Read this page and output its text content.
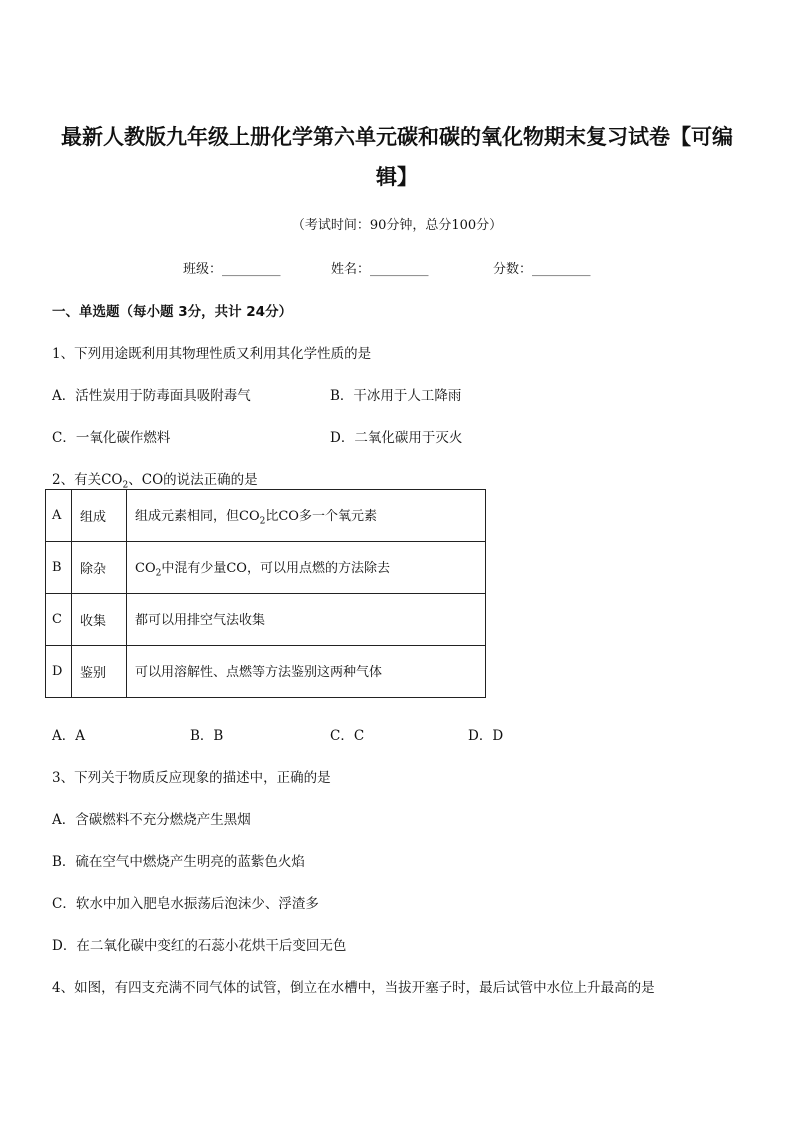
最新人教版九年级上册化学第六单元碳和碳的氧化物期末复习试卷【可编辑】
（考试时间：90分钟，总分100分）
班级：_________	姓名：_________	分数：_________
一、单选题（每小题 3分，共计 24分）
1、下列用途既利用其物理性质又利用其化学性质的是
A．活性炭用于防毒面具吸附毒气	B．干冰用于人工降雨
C．一氧化碳作燃料	D．二氧化碳用于灭火
2、有关$CO_2$、CO的说法正确的是
A	组成	组成元素相同，但$CO_2$比CO多一个氧元素
B	除杂	$CO_2$中混有少量CO，可以用点燃的方法除去
C	收集	都可以用排空气法收集
D	鉴别	可以用溶解性、点燃等方法鉴别这两种气体
A．A	B．B	C．C	D．D
3、下列关于物质反应现象的描述中，正确的是
A．含碳燃料不充分燃烧产生黑烟
B．硫在空气中燃烧产生明亮的蓝紫色火焰
C．软水中加入肥皂水振荡后泡沫少、浮渣多
D．在二氧化碳中变红的石蕊小花烘干后变回无色
4、如图，有四支充满不同气体的试管，倒立在水槽中，当拔开塞子时，最后试管中水位上升最高的是
